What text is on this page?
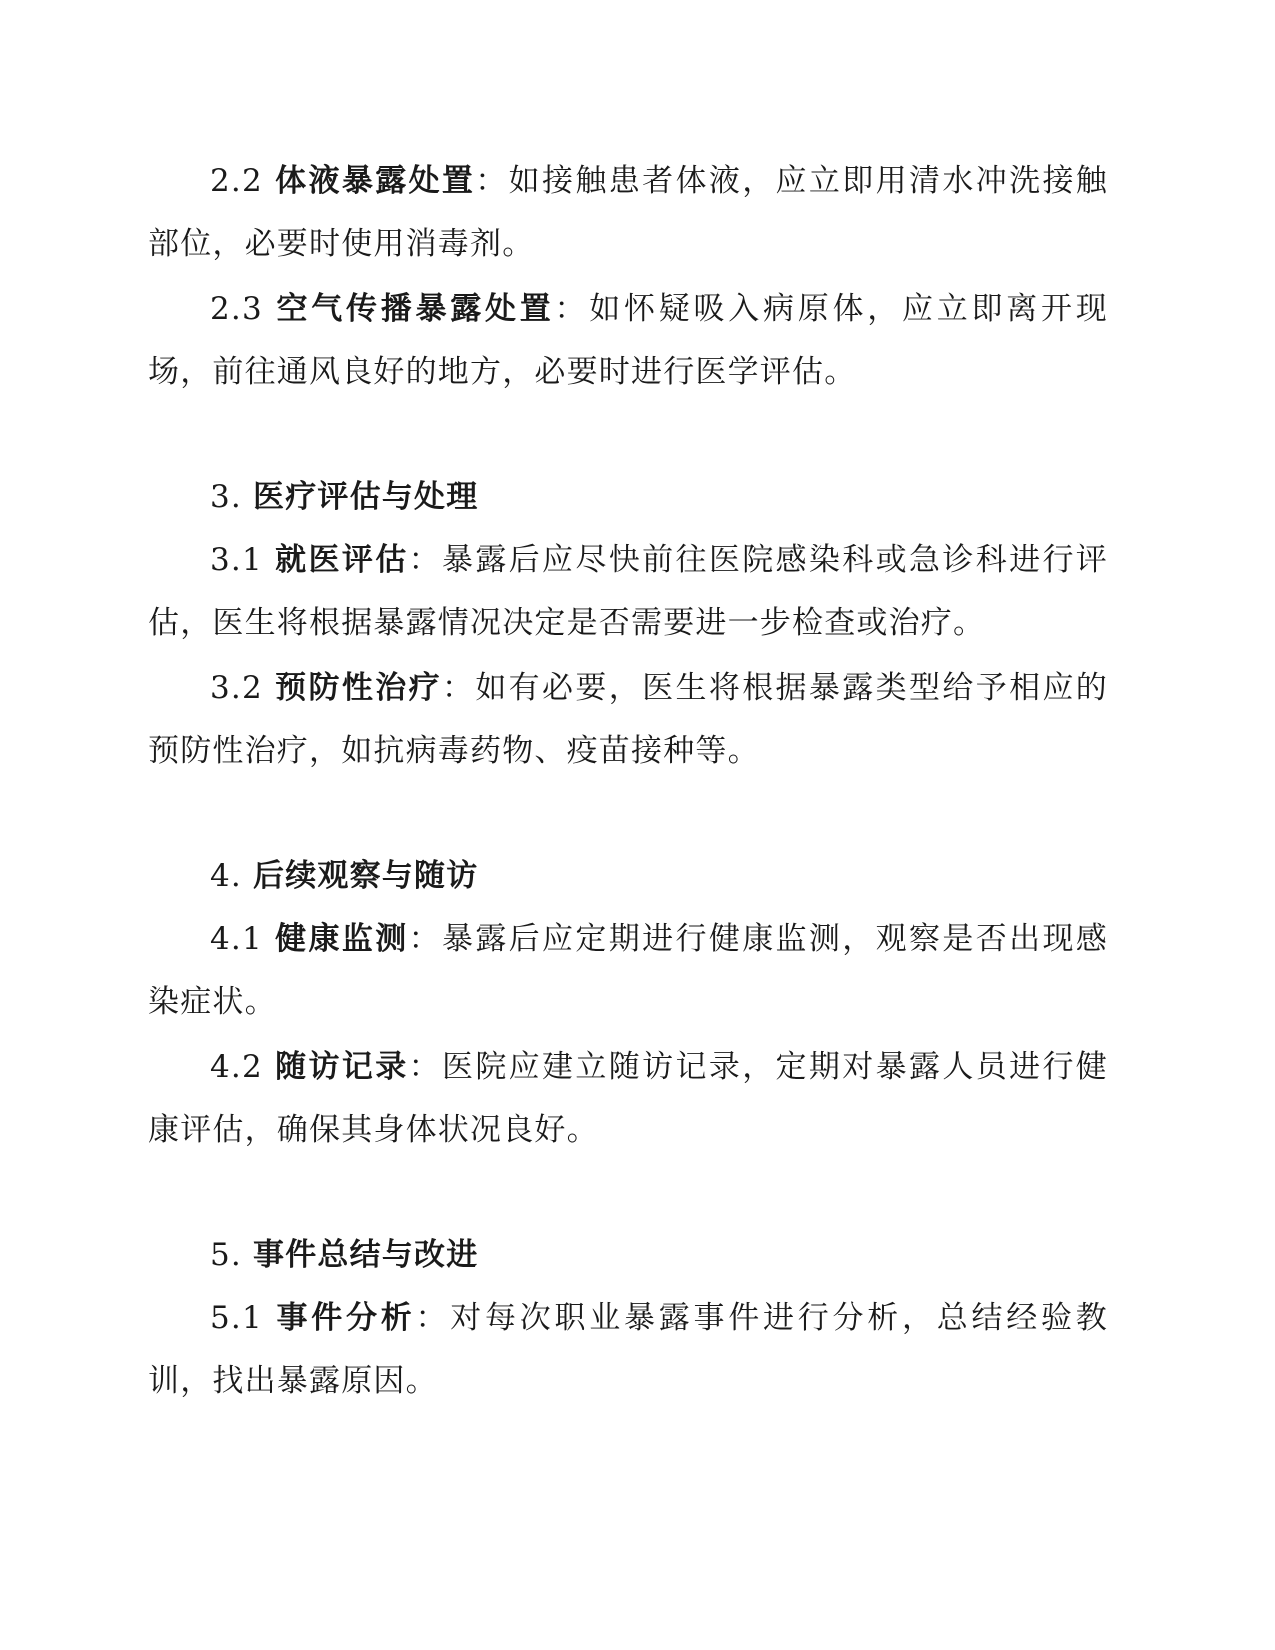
2.2 体液暴露处置：如接触患者体液，应立即用清水冲洗接触部位，必要时使用消毒剂。

2.3 空气传播暴露处置：如怀疑吸入病原体，应立即离开现场，前往通风良好的地方，必要时进行医学评估。

3. 医疗评估与处理

3.1 就医评估：暴露后应尽快前往医院感染科或急诊科进行评估，医生将根据暴露情况决定是否需要进一步检查或治疗。

3.2 预防性治疗：如有必要，医生将根据暴露类型给予相应的预防性治疗，如抗病毒药物、疫苗接种等。

4. 后续观察与随访

4.1 健康监测：暴露后应定期进行健康监测，观察是否出现感染症状。

4.2 随访记录：医院应建立随访记录，定期对暴露人员进行健康评估，确保其身体状况良好。

5. 事件总结与改进

5.1 事件分析：对每次职业暴露事件进行分析，总结经验教训，找出暴露原因。
